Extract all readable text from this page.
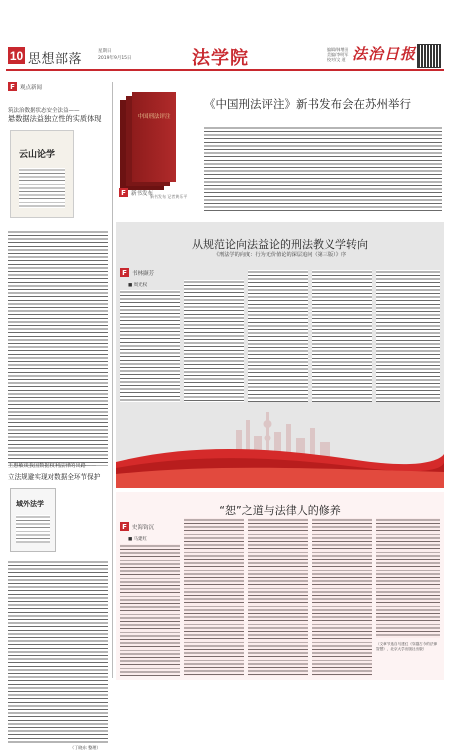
10 思想部落
星期日
2019年9月15日	法学院	编辑/韩增田
美编/李明军
校对/文 道 法治日报
F 观点新闻
筑法治数据状态安全法益——
悬数据法益独立性的实质体现
云山论学
王惠敏谈我国数据权利法律的出路——
立法规避实现对数据全环节保护
域外法学
（丁晓东 整理）
中国刑法评注
《中国刑法评注》新书发布会在苏州举行
F 新书发布
新书发布 记者黄乐平
从规范论向法益论的刑法教义学转向
《刑法学的向度：行为无价值论的深层追问（第三版）》序
F 书林撷芳
■ 周光权
“恕”之道与法律人的修养
F 史海钩沉
■ 马建红
（文章节选自马建红《穿越古今的法律智慧》，北京大学出版社出版）
